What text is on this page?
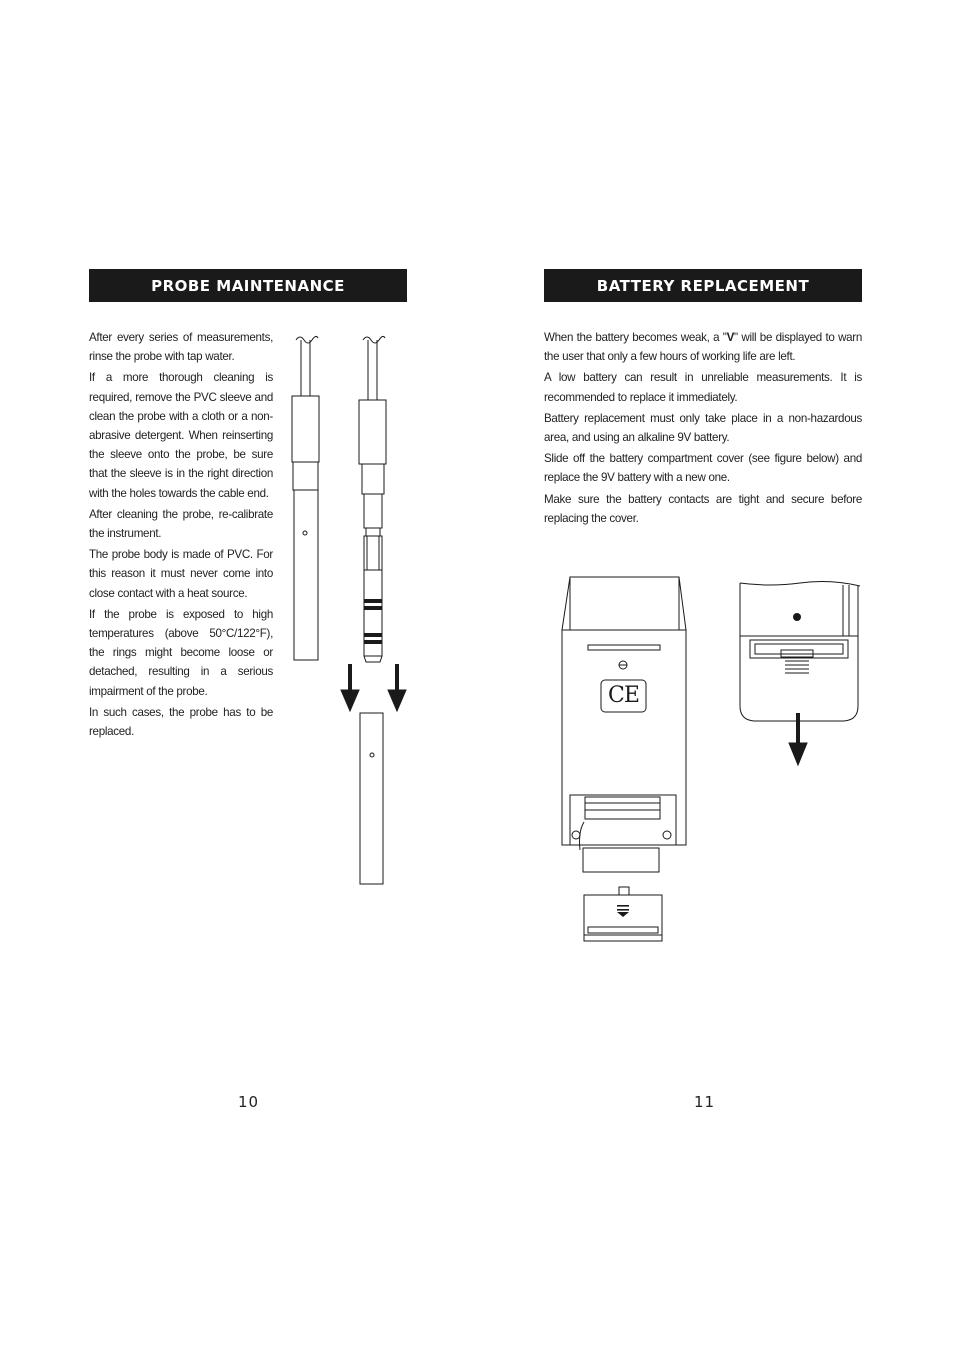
PROBE MAINTENANCE

After every series of measurements, rinse the probe with tap water.

If a more thorough cleaning is required, remove the PVC sleeve and clean the probe with a cloth or a non-abrasive detergent. When reinserting the sleeve onto the probe, be sure that the sleeve is in the right direction with the holes towards the cable end.

After cleaning the probe, re-calibrate the instrument.

The probe body is made of PVC. For this reason it must never come into close contact with a heat source.

If the probe is exposed to high temperatures (above 50°C/122°F), the rings might become loose or detached, resulting in a serious impairment of the probe.

In such cases, the probe has to be replaced.

10
BATTERY REPLACEMENT

When the battery becomes weak, a "V" will be displayed to warn the user that only a few hours of working life are left.

A low battery can result in unreliable measurements. It is recommended to replace it immediately.

Battery replacement must only take place in a non-hazardous area, and using an alkaline 9V battery.

Slide off the battery compartment cover (see figure below) and replace the 9V battery with a new one.

Make sure the battery contacts are tight and secure before replacing the cover.

CE
11
